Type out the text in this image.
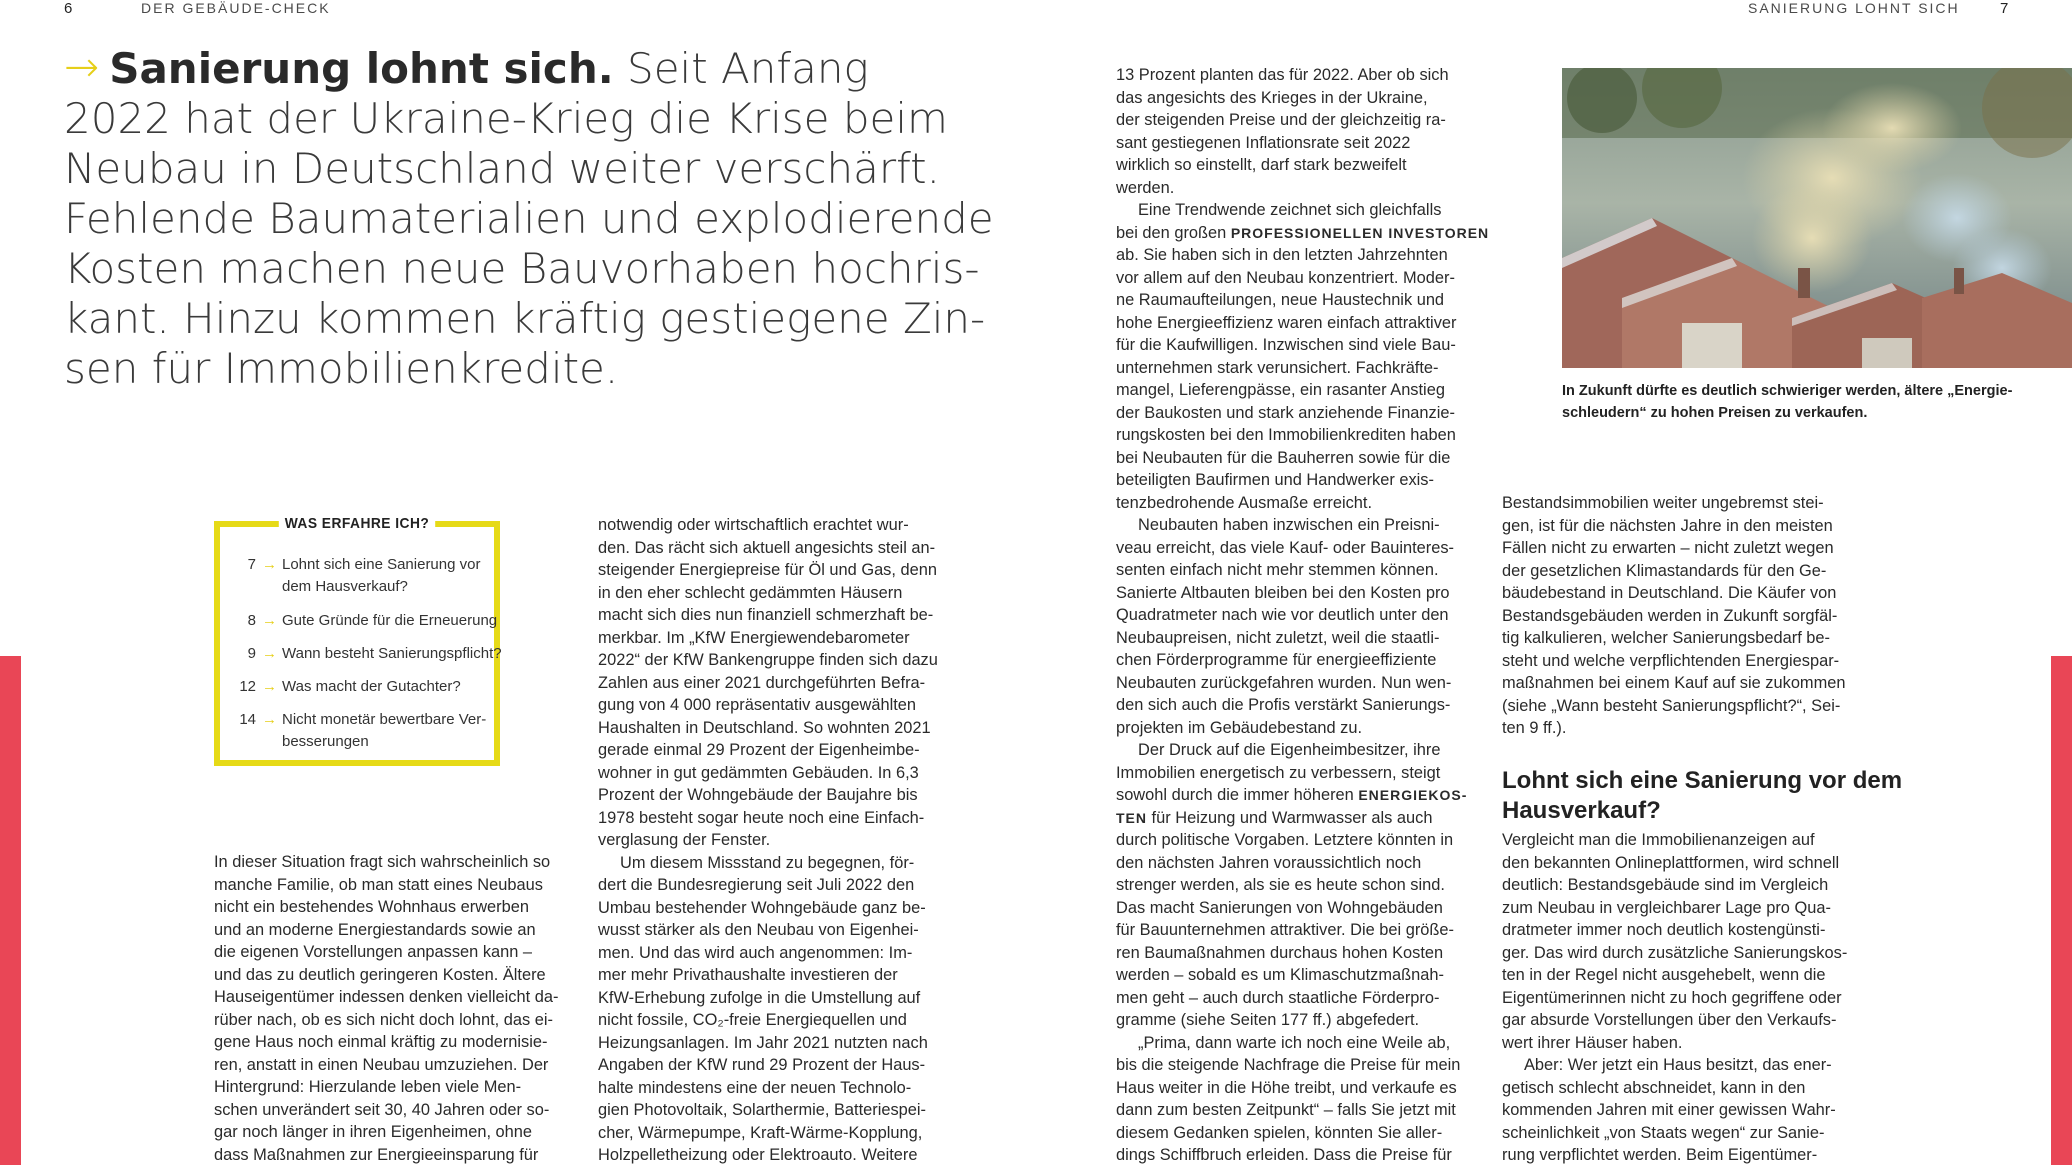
6	DER GEBÄUDE-CHECK	SANIERUNG LOHNT SICH	7
→ Sanierung lohnt sich. Seit Anfang
2022 hat der Ukraine-Krieg die Krise beim
Neubau in Deutschland weiter verschärft.
Fehlende Baumaterialien und explodierende
Kosten machen neue Bauvorhaben hochris-
kant. Hinzu kommen kräftig gestiegene Zin-
sen für Immobilienkredite.
WAS ERFAHRE ICH?
7 → Lohnt sich eine Sanierung vor
dem Hausverkauf?
8 → Gute Gründe für die Erneuerung
9 → Wann besteht Sanierungspflicht?
12 → Was macht der Gutachter?
14 → Nicht monetär bewertbare Ver-
besserungen
In dieser Situation fragt sich wahrscheinlich so
manche Familie, ob man statt eines Neubaus
nicht ein bestehendes Wohnhaus erwerben
und an moderne Energiestandards sowie an
die eigenen Vorstellungen anpassen kann –
und das zu deutlich geringeren Kosten. Ältere
Hauseigentümer indessen denken vielleicht da-
rüber nach, ob es sich nicht doch lohnt, das ei-
gene Haus noch einmal kräftig zu modernisie-
ren, anstatt in einen Neubau umzuziehen. Der
Hintergrund: Hierzulande leben viele Men-
schen unverändert seit 30, 40 Jahren oder so-
gar noch länger in ihren Eigenheimen, ohne
dass Maßnahmen zur Energieeinsparung für
notwendig oder wirtschaftlich erachtet wur-
den. Das rächt sich aktuell angesichts steil an-
steigender Energiepreise für Öl und Gas, denn
in den eher schlecht gedämmten Häusern
macht sich dies nun finanziell schmerzhaft be-
merkbar. Im „KfW Energiewendebarometer
2022“ der KfW Bankengruppe finden sich dazu
Zahlen aus einer 2021 durchgeführten Befra-
gung von 4 000 repräsentativ ausgewählten
Haushalten in Deutschland. So wohnten 2021
gerade einmal 29 Prozent der Eigenheimbe-
wohner in gut gedämmten Gebäuden. In 6,3
Prozent der Wohngebäude der Baujahre bis
1978 besteht sogar heute noch eine Einfach-
verglasung der Fenster.
Um diesem Missstand zu begegnen, för-
dert die Bundesregierung seit Juli 2022 den
Umbau bestehender Wohngebäude ganz be-
wusst stärker als den Neubau von Eigenhei-
men. Und das wird auch angenommen: Im-
mer mehr Privathaushalte investieren der
KfW-Erhebung zufolge in die Umstellung auf
nicht fossile, CO₂-freie Energiequellen und
Heizungsanlagen. Im Jahr 2021 nutzten nach
Angaben der KfW rund 29 Prozent der Haus-
halte mindestens eine der neuen Technolo-
gien Photovoltaik, Solarthermie, Batteriespei-
cher, Wärmepumpe, Kraft-Wärme-Kopplung,
Holzpelletheizung oder Elektroauto. Weitere
13 Prozent planten das für 2022. Aber ob sich
das angesichts des Krieges in der Ukraine,
der steigenden Preise und der gleichzeitig ra-
sant gestiegenen Inflationsrate seit 2022
wirklich so einstellt, darf stark bezweifelt
werden.
Eine Trendwende zeichnet sich gleichfalls
bei den großen PROFESSIONELLEN INVESTOREN
ab. Sie haben sich in den letzten Jahrzehnten
vor allem auf den Neubau konzentriert. Moder-
ne Raumaufteilungen, neue Haustechnik und
hohe Energieeffizienz waren einfach attraktiver
für die Kaufwilligen. Inzwischen sind viele Bau-
unternehmen stark verunsichert. Fachkräfte-
mangel, Lieferengpässe, ein rasanter Anstieg
der Baukosten und stark anziehende Finanzie-
rungskosten bei den Immobilienkrediten haben
bei Neubauten für die Bauherren sowie für die
beteiligten Baufirmen und Handwerker exis-
tenzbedrohende Ausmaße erreicht.
Neubauten haben inzwischen ein Preisni-
veau erreicht, das viele Kauf- oder Bauinteres-
senten einfach nicht mehr stemmen können.
Sanierte Altbauten bleiben bei den Kosten pro
Quadratmeter nach wie vor deutlich unter den
Neubaupreisen, nicht zuletzt, weil die staatli-
chen Förderprogramme für energieeffiziente
Neubauten zurückgefahren wurden. Nun wen-
den sich auch die Profis verstärkt Sanierungs-
projekten im Gebäudebestand zu.
Der Druck auf die Eigenheimbesitzer, ihre
Immobilien energetisch zu verbessern, steigt
sowohl durch die immer höheren ENERGIEKOS-
TEN für Heizung und Warmwasser als auch
durch politische Vorgaben. Letztere könnten in
den nächsten Jahren voraussichtlich noch
strenger werden, als sie es heute schon sind.
Das macht Sanierungen von Wohngebäuden
für Bauunternehmen attraktiver. Die bei größe-
ren Baumaßnahmen durchaus hohen Kosten
werden – sobald es um Klimaschutzmaßnah-
men geht – auch durch staatliche Förderpro-
gramme (siehe Seiten 177 ff.) abgefedert.
„Prima, dann warte ich noch eine Weile ab,
bis die steigende Nachfrage die Preise für mein
Haus weiter in die Höhe treibt, und verkaufe es
dann zum besten Zeitpunkt“ – falls Sie jetzt mit
diesem Gedanken spielen, könnten Sie aller-
dings Schiffbruch erleiden. Dass die Preise für
In Zukunft dürfte es deutlich schwieriger werden, ältere „Energie-
schleudern“ zu hohen Preisen zu verkaufen.
Bestandsimmobilien weiter ungebremst stei-
gen, ist für die nächsten Jahre in den meisten
Fällen nicht zu erwarten – nicht zuletzt wegen
der gesetzlichen Klimastandards für den Ge-
bäudebestand in Deutschland. Die Käufer von
Bestandsgebäuden werden in Zukunft sorgfäl-
tig kalkulieren, welcher Sanierungsbedarf be-
steht und welche verpflichtenden Energiespar-
maßnahmen bei einem Kauf auf sie zukommen
(siehe „Wann besteht Sanierungspflicht?“, Sei-
ten 9 ff.).
Lohnt sich eine Sanierung vor dem
Hausverkauf?
Vergleicht man die Immobilienanzeigen auf
den bekannten Onlineplattformen, wird schnell
deutlich: Bestandsgebäude sind im Vergleich
zum Neubau in vergleichbarer Lage pro Qua-
dratmeter immer noch deutlich kostengünsti-
ger. Das wird durch zusätzliche Sanierungskos-
ten in der Regel nicht ausgehebelt, wenn die
Eigentümerinnen nicht zu hoch gegriffene oder
gar absurde Vorstellungen über den Verkaufs-
wert ihrer Häuser haben.
Aber: Wer jetzt ein Haus besitzt, das ener-
getisch schlecht abschneidet, kann in den
kommenden Jahren mit einer gewissen Wahr-
scheinlichkeit „von Staats wegen“ zur Sanie-
rung verpflichtet werden. Beim Eigentümer-
